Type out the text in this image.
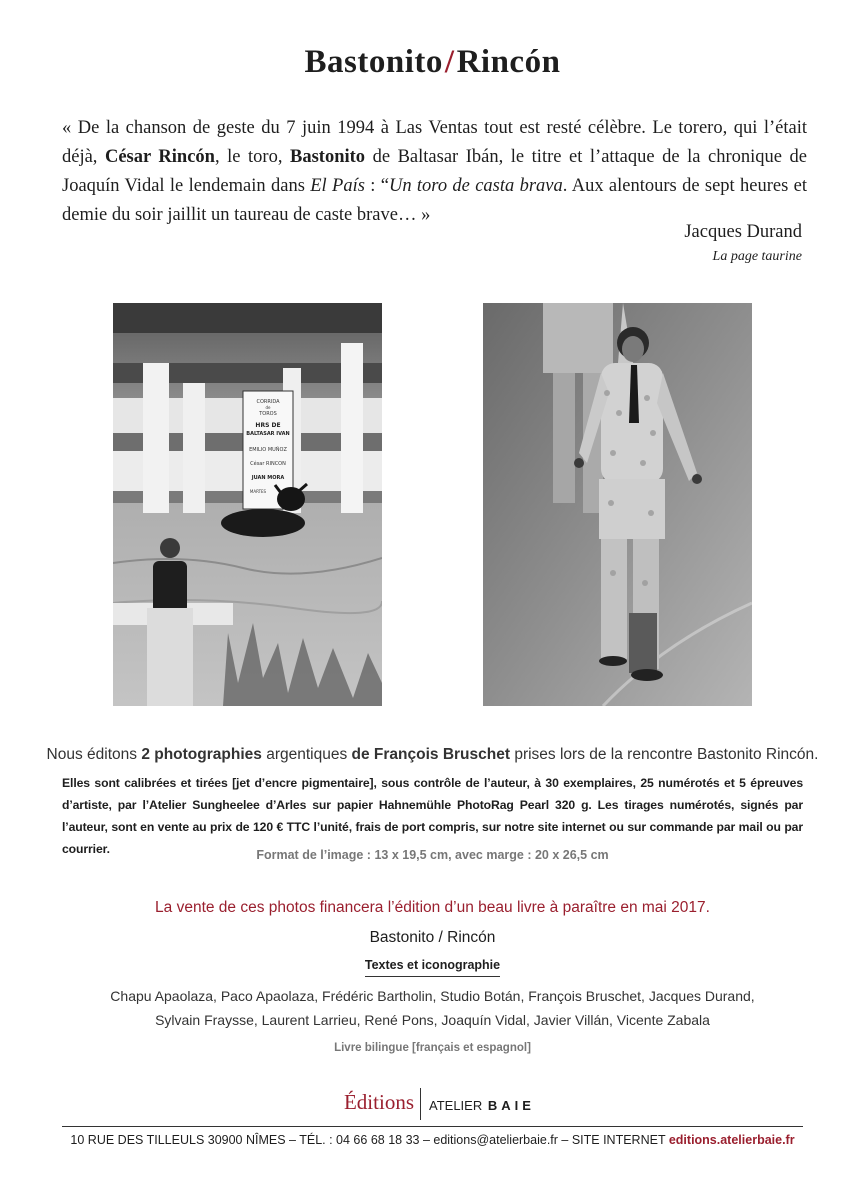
Bastonito/Rincón
« De la chanson de geste du 7 juin 1994 à Las Ventas tout est resté célèbre. Le torero, qui l’était déjà, César Rincón, le toro, Bastonito de Baltasar Ibán, le titre et l’attaque de la chronique de Joaquín Vidal le lendemain dans El País : “Un toro de casta brava. Aux alentours de sept heures et demie du soir jaillit un taureau de caste brave… »
Jacques Durand
La page taurine
CORRIDA
de
TOROS
HRS DE
BALTASAR IVAN
EMILIO MUÑOZ
César RINCON
JUAN MORA
MARTES
Nous éditons 2 photographies argentiques de François Bruschet prises lors de la rencontre Bastonito Rincón.
Elles sont calibrées et tirées [jet d’encre pigmentaire], sous contrôle de l’auteur, à 30 exemplaires, 25 numérotés et 5 épreuves d’artiste, par l’Atelier Sungheelee d’Arles sur papier Hahnemühle PhotoRag Pearl 320 g. Les tirages numérotés, signés par l’auteur, sont en vente au prix de 120 € TTC l’unité, frais de port compris, sur notre site internet ou sur commande par mail ou par courrier.	Format de l’image : 13 x 19,5 cm, avec marge : 20 x 26,5 cm
La vente de ces photos financera l’édition d’un beau livre à paraître en mai 2017.
Bastonito / Rincón
Textes et iconographie
Chapu Apaolaza, Paco Apaolaza, Frédéric Bartholin, Studio Botán, François Bruschet, Jacques Durand,
Sylvain Fraysse, Laurent Larrieu, René Pons, Joaquín Vidal, Javier Villán, Vicente Zabala
Livre bilingue [français et espagnol]
Éditions ATELIER BAIE
10 RUE DES TILLEULS 30900 NÎMES – TÉL. : 04 66 68 18 33 – editions@atelierbaie.fr – SITE INTERNET editions.atelierbaie.fr
